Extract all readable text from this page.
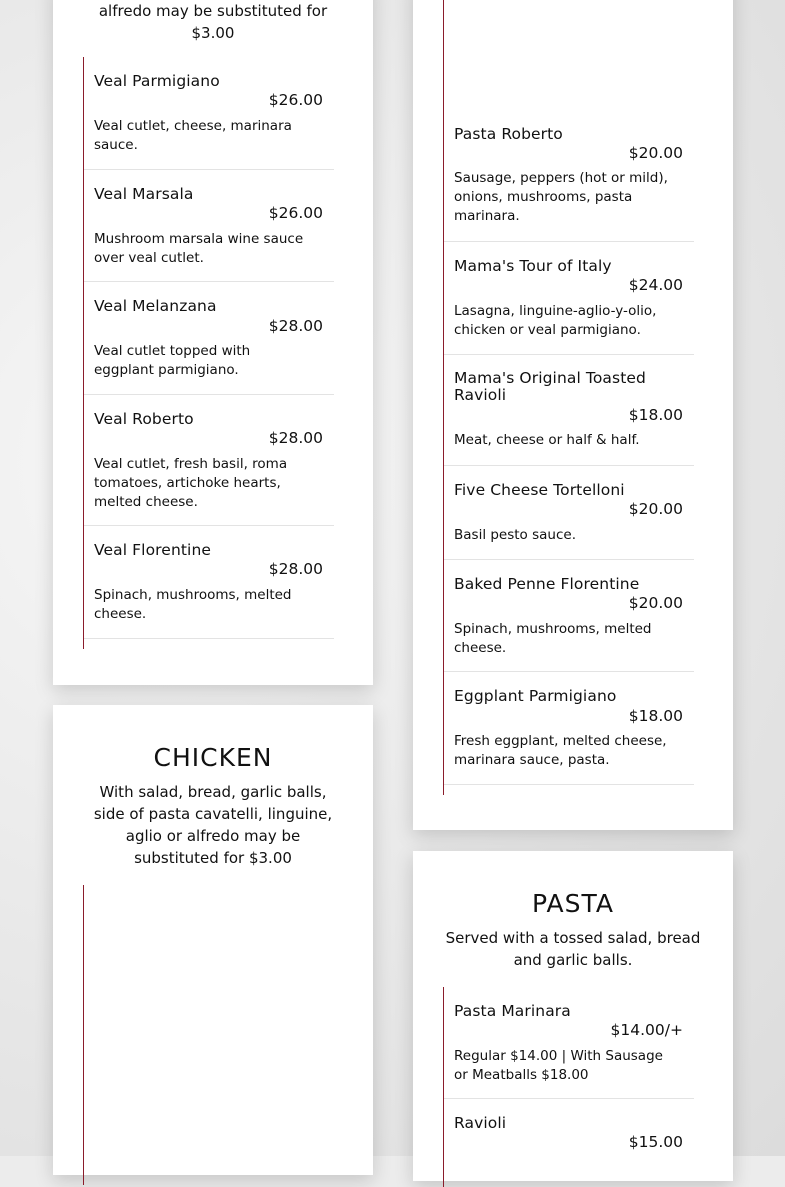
alfredo may be substituted for $3.00
Veal Parmigiano
$26.00
Veal cutlet, cheese, marinara sauce.
Veal Marsala
$26.00
Mushroom marsala wine sauce over veal cutlet.
Veal Melanzana
$28.00
Veal cutlet topped with eggplant parmigiano.
Veal Roberto
$28.00
Veal cutlet, fresh basil, roma tomatoes, artichoke hearts, melted cheese.
Veal Florentine
$28.00
Spinach, mushrooms, melted cheese.
CHICKEN
With salad, bread, garlic balls, side of pasta cavatelli, linguine, aglio or alfredo may be substituted for $3.00
Pasta Roberto
$20.00
Sausage, peppers (hot or mild), onions, mushrooms, pasta marinara.
Mama's Tour of Italy
$24.00
Lasagna, linguine-aglio-y-olio, chicken or veal parmigiano.
Mama's Original Toasted Ravioli
$18.00
Meat, cheese or half & half.
Five Cheese Tortelloni
$20.00
Basil pesto sauce.
Baked Penne Florentine
$20.00
Spinach, mushrooms, melted cheese.
Eggplant Parmigiano
$18.00
Fresh eggplant, melted cheese, marinara sauce, pasta.
PASTA
Served with a tossed salad, bread and garlic balls.
Pasta Marinara
$14.00/+
Regular $14.00 | With Sausage or Meatballs $18.00
Ravioli
$15.00
